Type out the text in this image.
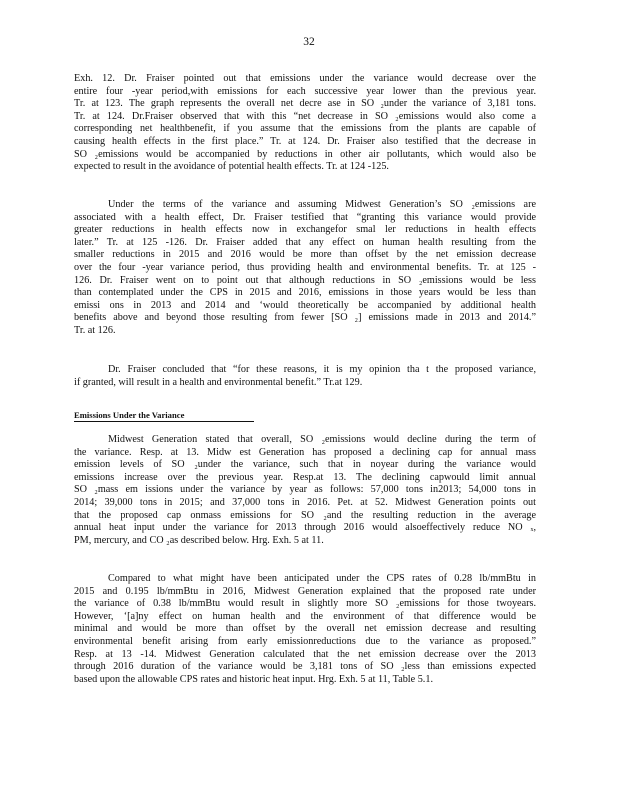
32
Exh. 12. Dr. Fraiser pointed out that emissions under the variance would decrease over the
entire four -year period,with emissions for each successive year lower than the previous year.
Tr. at 123. The graph represents the overall net decre ase in SO ₂under the variance of 3,181 tons.
Tr. at 124. Dr.Fraiser observed that with this “net decrease in SO ₂emissions would also come a
corresponding net healthbenefit, if you assume that the emissions from the plants are capable of
causing health effects in the first place.” Tr. at 124. Dr. Fraiser also testified that the decrease in
SO ₂emissions would be accompanied by reductions in other air pollutants, which would also be
expected to result in the avoidance of potential health effects. Tr. at 124 -125.
Under the terms of the variance and assuming Midwest Generation’s SO ₂emissions are
associated with a health effect, Dr. Fraiser testified that “granting this variance would provide
greater reductions in health effects now in exchangefor smal ler reductions in health effects
later.” Tr. at 125 -126. Dr. Fraiser added that any effect on human health resulting from the
smaller reductions in 2015 and 2016 would be more than offset by the net emission decrease
over the four -year variance period, thus providing health and environmental benefits. Tr. at 125 -
126. Dr. Fraiser went on to point out that although reductions in SO ₂emissions would be less
than contemplated under the CPS in 2015 and 2016, emissions in those years would be less than
emissi ons in 2013 and 2014 and ‘would theoretically be accompanied by additional health
benefits above and beyond those resulting from fewer [SO ₂] emissions made in 2013 and 2014.”
Tr. at 126.
Dr. Fraiser concluded that “for these reasons, it is my opinion tha t the proposed variance,
if granted, will result in a health and environmental benefit.” Tr.at 129.
Emissions Under the Variance
Midwest Generation stated that overall, SO ₂emissions would decline during the term of
the variance. Resp. at 13. Midw est Generation has proposed a declining cap for annual mass
emission levels of SO ₂under the variance, such that in noyear during the variance would
emissions increase over the previous year. Resp.at 13. The declining capwould limit annual
SO ₂mass em issions under the variance by year as follows: 57,000 tons in2013; 54,000 tons in
2014; 39,000 tons in 2015; and 37,000 tons in 2016. Pet. at 52. Midwest Generation points out
that the proposed cap onmass emissions for SO ₂and the resulting reduction in the average
annual heat input under the variance for 2013 through 2016 would alsoeffectively reduce NO ₓ,
PM, mercury, and CO ₂as described below. Hrg. Exh. 5 at 11.
Compared to what might have been anticipated under the CPS rates of 0.28 lb/mmBtu in
2015 and 0.195 lb/mmBtu in 2016, Midwest Generation explained that the proposed rate under
the variance of 0.38 lb/mmBtu would result in slightly more SO ₂emissions for those twoyears.
However, ‘[a]ny effect on human health and the environment of that difference would be
minimal and would be more than offset by the overall net emission decrease and resulting
environmental benefit arising from early emissionreductions due to the variance as proposed.”
Resp. at 13 -14. Midwest Generation calculated that the net emission decrease over the 2013
through 2016 duration of the variance would be 3,181 tons of SO ₂less than emissions expected
based upon the allowable CPS rates and historic heat input. Hrg. Exh. 5 at 11, Table 5.1.
